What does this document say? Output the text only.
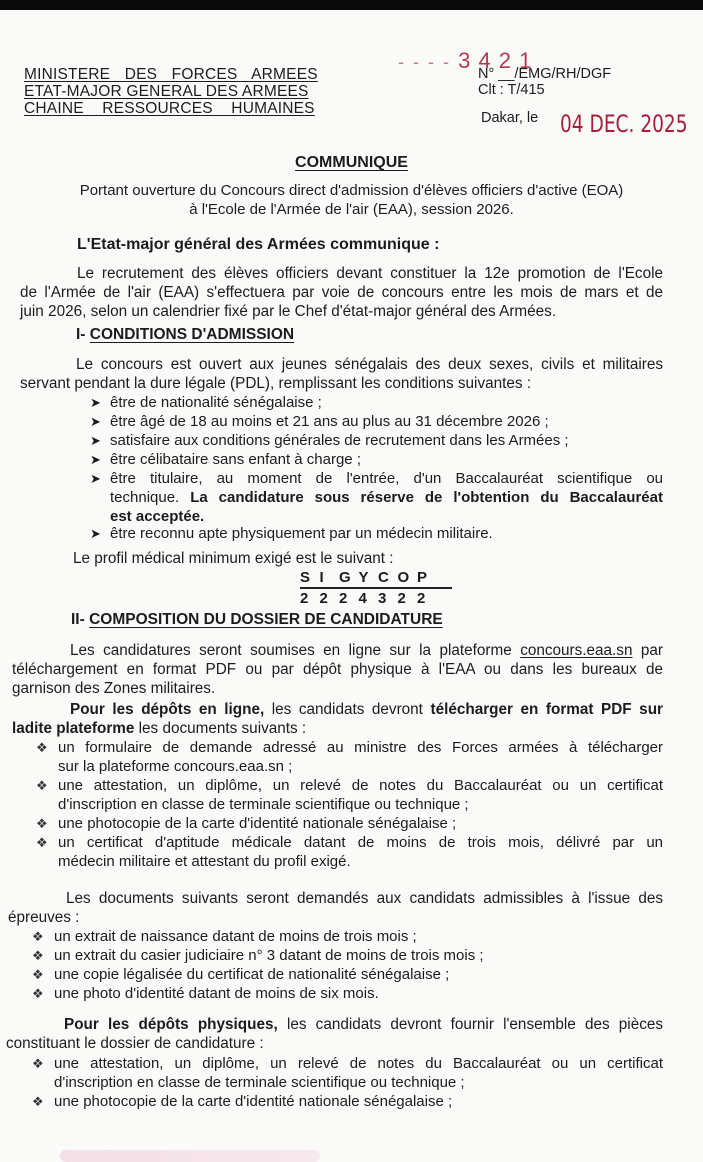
MINISTERE DES FORCES ARMEES
ETAT-MAJOR GENERAL DES ARMEES
CHAINE RESSOURCES HUMAINES
- - - - 3 4 2 1
N° __/EMG/RH/DGF
Clt : T/415
Dakar, le 04 DEC. 2025
COMMUNIQUE
Portant ouverture du Concours direct d'admission d'élèves officiers d'active (EOA)
à l'Ecole de l'Armée de l'air (EAA), session 2026.
L'Etat-major général des Armées communique :
Le recrutement des élèves officiers devant constituer la 12e promotion de l'Ecole
de l'Armée de l'air (EAA) s'effectuera par voie de concours entre les mois de mars et de
juin 2026, selon un calendrier fixé par le Chef d'état-major général des Armées.
I- CONDITIONS D'ADMISSION
Le concours est ouvert aux jeunes sénégalais des deux sexes, civils et militaires
servant pendant la dure légale (PDL), remplissant les conditions suivantes :
➤ être de nationalité sénégalaise ;
➤ être âgé de 18 au moins et 21 ans au plus au 31 décembre 2026 ;
➤ satisfaire aux conditions générales de recrutement dans les Armées ;
➤ être célibataire sans enfant à charge ;
➤ être titulaire, au moment de l'entrée, d'un Baccalauréat scientifique ou
technique. La candidature sous réserve de l'obtention du Baccalauréat
est acceptée.
➤ être reconnu apte physiquement par un médecin militaire.
Le profil médical minimum exigé est le suivant :
S I	G Y C O P
2 2 2 4 3 2 2
II- COMPOSITION DU DOSSIER DE CANDIDATURE
Les candidatures seront soumises en ligne sur la plateforme concours.eaa.sn par
téléchargement en format PDF ou par dépôt physique à l'EAA ou dans les bureaux de
garnison des Zones militaires.
Pour les dépôts en ligne, les candidats devront télécharger en format PDF sur
ladite plateforme les documents suivants :
❖ un formulaire de demande adressé au ministre des Forces armées à télécharger
sur la plateforme concours.eaa.sn ;
❖ une attestation, un diplôme, un relevé de notes du Baccalauréat ou un certificat
d'inscription en classe de terminale scientifique ou technique ;
❖ une photocopie de la carte d'identité nationale sénégalaise ;
❖ un certificat d'aptitude médicale datant de moins de trois mois, délivré par un
médecin militaire et attestant du profil exigé.
Les documents suivants seront demandés aux candidats admissibles à l'issue des
épreuves :
❖ un extrait de naissance datant de moins de trois mois ;
❖ un extrait du casier judiciaire n° 3 datant de moins de trois mois ;
❖ une copie légalisée du certificat de nationalité sénégalaise ;
❖ une photo d'identité datant de moins de six mois.
Pour les dépôts physiques, les candidats devront fournir l'ensemble des pièces
constituant le dossier de candidature :
❖ une attestation, un diplôme, un relevé de notes du Baccalauréat ou un certificat
d'inscription en classe de terminale scientifique ou technique ;
❖ une photocopie de la carte d'identité nationale sénégalaise ;
